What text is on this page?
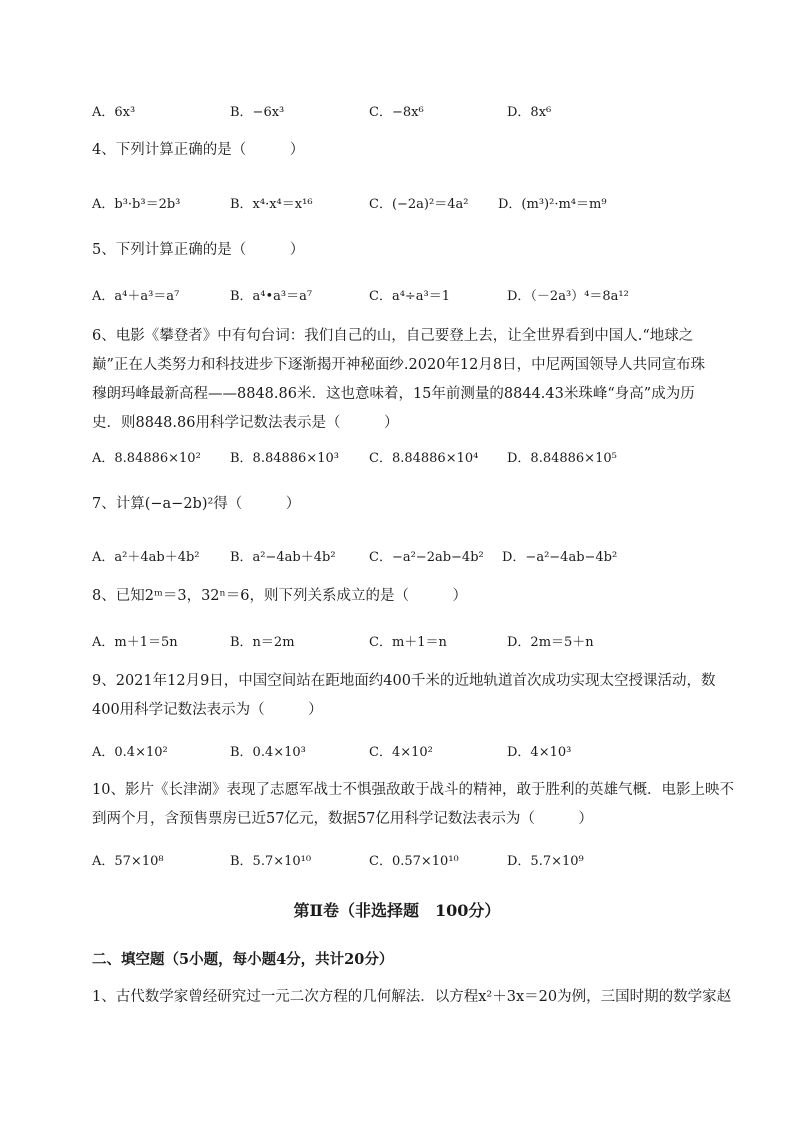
A．6x³	B．−6x³	C．−8x⁶	D．8x⁶
4、下列计算正确的是（　　　）
A．b³·b³＝2b³	B．x⁴·x⁴＝x¹⁶	C．(−2a)²＝4a² D．(m³)²·m⁴＝m⁹
5、下列计算正确的是（　　　）
A．a⁴＋a³＝a⁷	B．a⁴•a³＝a⁷	C．a⁴÷a³＝1	D．（－2a³）⁴＝8a¹²
6、电影《攀登者》中有句台词：我们自己的山，自己要登上去，让全世界看到中国人.“地球之
巅”正在人类努力和科技进步下逐渐揭开神秘面纱.2020年12月8日，中尼两国领导人共同宣布珠
穆朗玛峰最新高程——8848.86米．这也意味着，15年前测量的8844.43米珠峰“身高”成为历
史．则8848.86用科学记数法表示是（　　　）
A．8.84886×10² B．8.84886×10³ C．8.84886×10⁴ D．8.84886×10⁵
7、计算(−a−2b)²得（　　　）
A．a²＋4ab＋4b² B．a²−4ab＋4b²	C．−a²−2ab−4b² D．−a²−4ab−4b²
8、已知2ᵐ＝3，32ⁿ＝6，则下列关系成立的是（　　　）
A．m＋1＝5n	B．n＝2m	C．m＋1＝n	D．2m＝5＋n
9、2021年12月9日，中国空间站在距地面约400千米的近地轨道首次成功实现太空授课活动，数
400用科学记数法表示为（　　　）
A．0.4×10²	B．0.4×10³	C．4×10²	D．4×10³
10、影片《长津湖》表现了志愿军战士不惧强敌敢于战斗的精神，敢于胜利的英雄气概．电影上映不
到两个月，含预售票房已近57亿元，数据57亿用科学记数法表示为（　　　）
A．57×10⁸	B．5.7×10¹⁰	C．0.57×10¹⁰	D．5.7×10⁹
第Ⅱ卷（非选择题　100分）
二、填空题（5小题，每小题4分，共计20分）
1、古代数学家曾经研究过一元二次方程的几何解法．以方程x²＋3x＝20为例，三国时期的数学家赵
